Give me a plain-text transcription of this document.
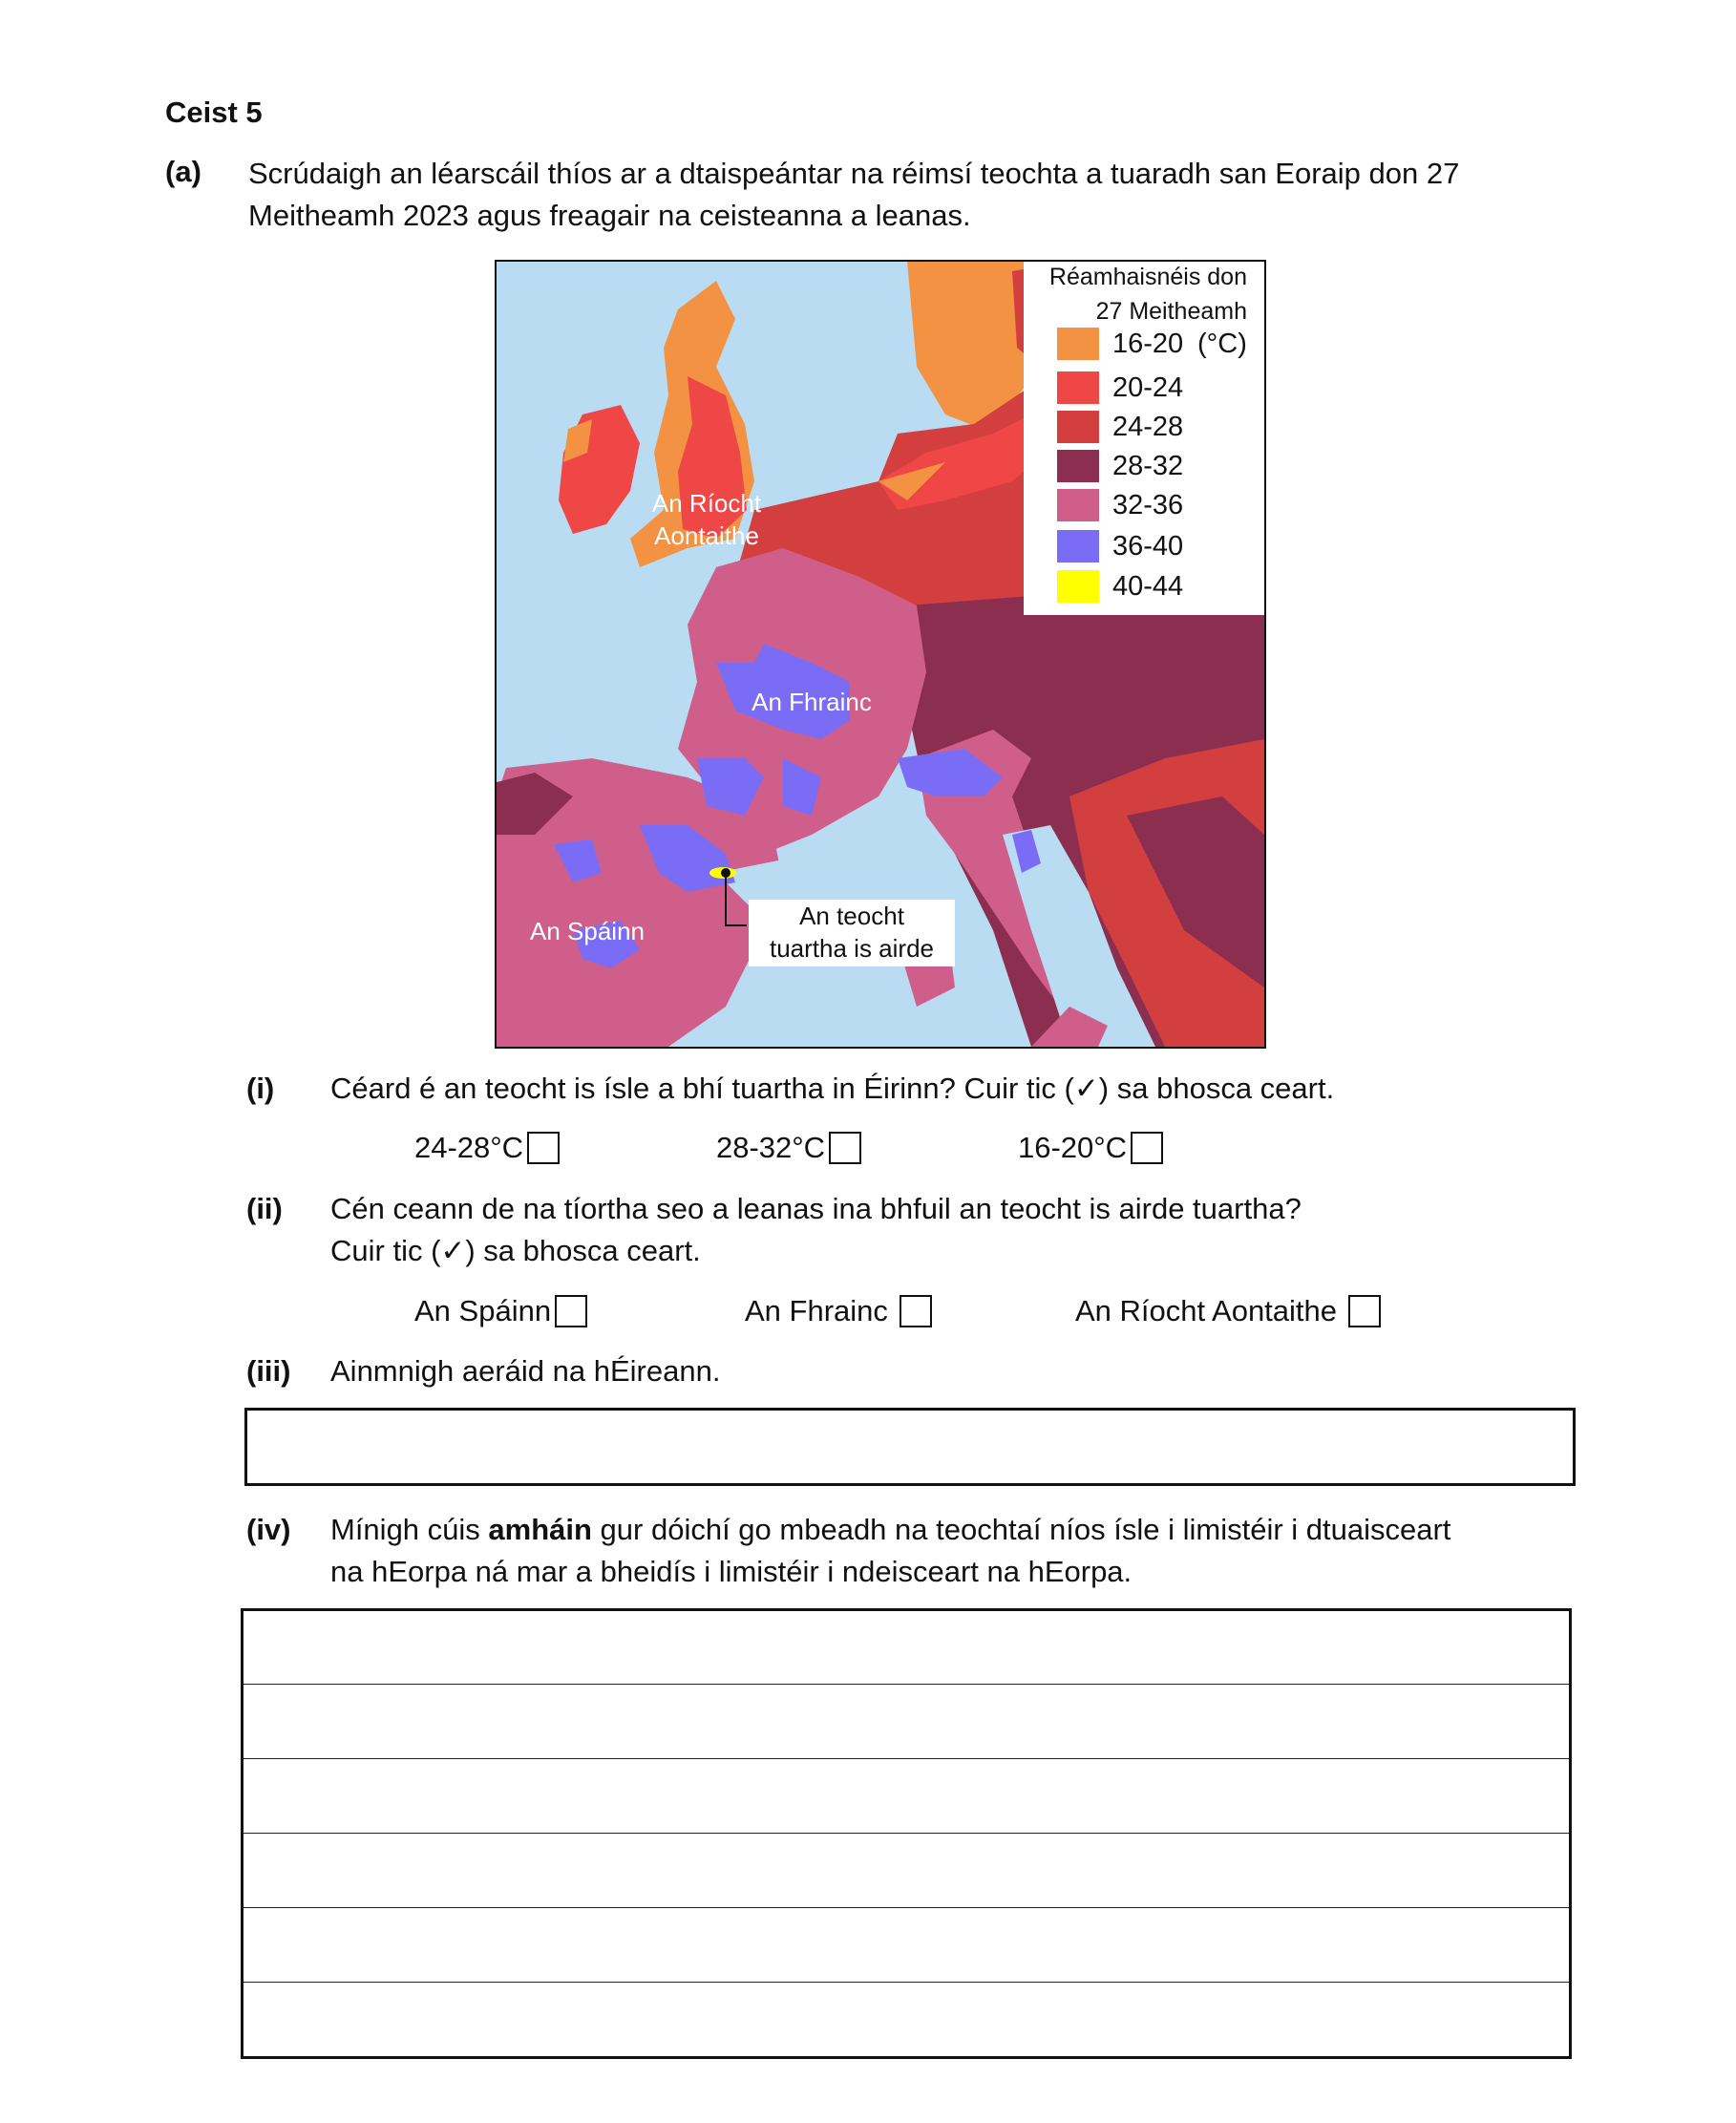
Ceist 5
(a) Scrúdaigh an léarscáil thíos ar a dtaispeántar na réimsí teochta a tuaradh san Eoraip don 27
Meitheamh 2023 agus freagair na ceisteanna a leanas.
An Ríocht
Aontaithe
An Fhrainc
An Spáinn
An teocht
tuartha is airde
Réamhaisnéis don
27 Meitheamh
(°C)
16-20
20-24
24-28
28-32
32-36
36-40
40-44
(i) Céard é an teocht is ísle a bhí tuartha in Éirinn? Cuir tic (✓) sa bhosca ceart.
24-28°C	28-32°C	16-20°C
(ii) Cén ceann de na tíortha seo a leanas ina bhfuil an teocht is airde tuartha?
Cuir tic (✓) sa bhosca ceart.
An Spáinn	An Fhrainc	An Ríocht Aontaithe
(iii) Ainmnigh aeráid na hÉireann.
(iv) Mínigh cúis amháin gur dóichí go mbeadh na teochtaí níos ísle i limistéir i dtuaisceart
na hEorpa ná mar a bheidís i limistéir i ndeisceart na hEorpa.
